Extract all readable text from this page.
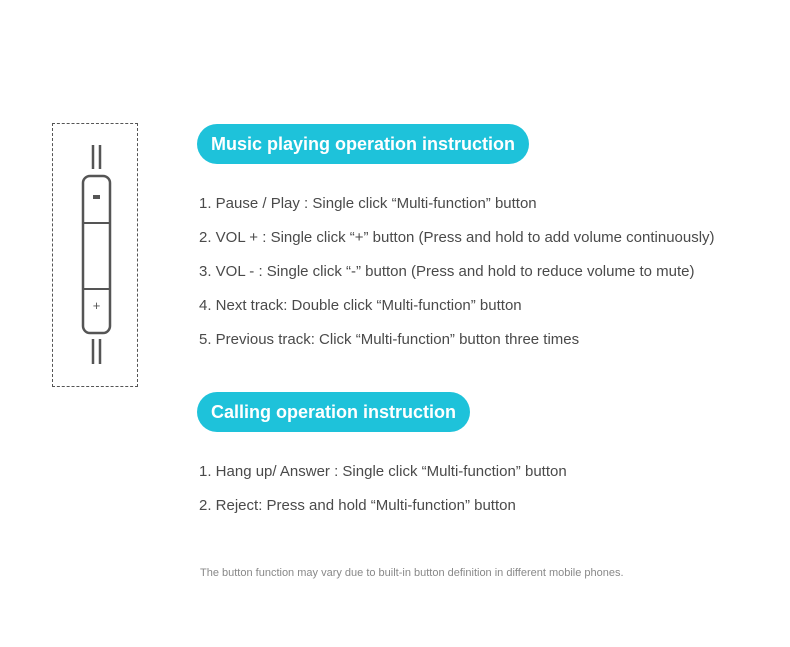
+
Music playing operation instruction
1. Pause / Play : Single click “Multi-function” button
2. VOL + : Single click “+” button (Press and hold to add volume continuously)
3. VOL - : Single click “-” button (Press and hold to reduce volume to mute)
4. Next track: Double click “Multi-function” button
5. Previous track: Click “Multi-function” button three times
Calling operation instruction
1. Hang up/ Answer : Single click “Multi-function” button
2. Reject: Press and hold “Multi-function” button
The button function may vary due to built-in button definition in different mobile phones.
